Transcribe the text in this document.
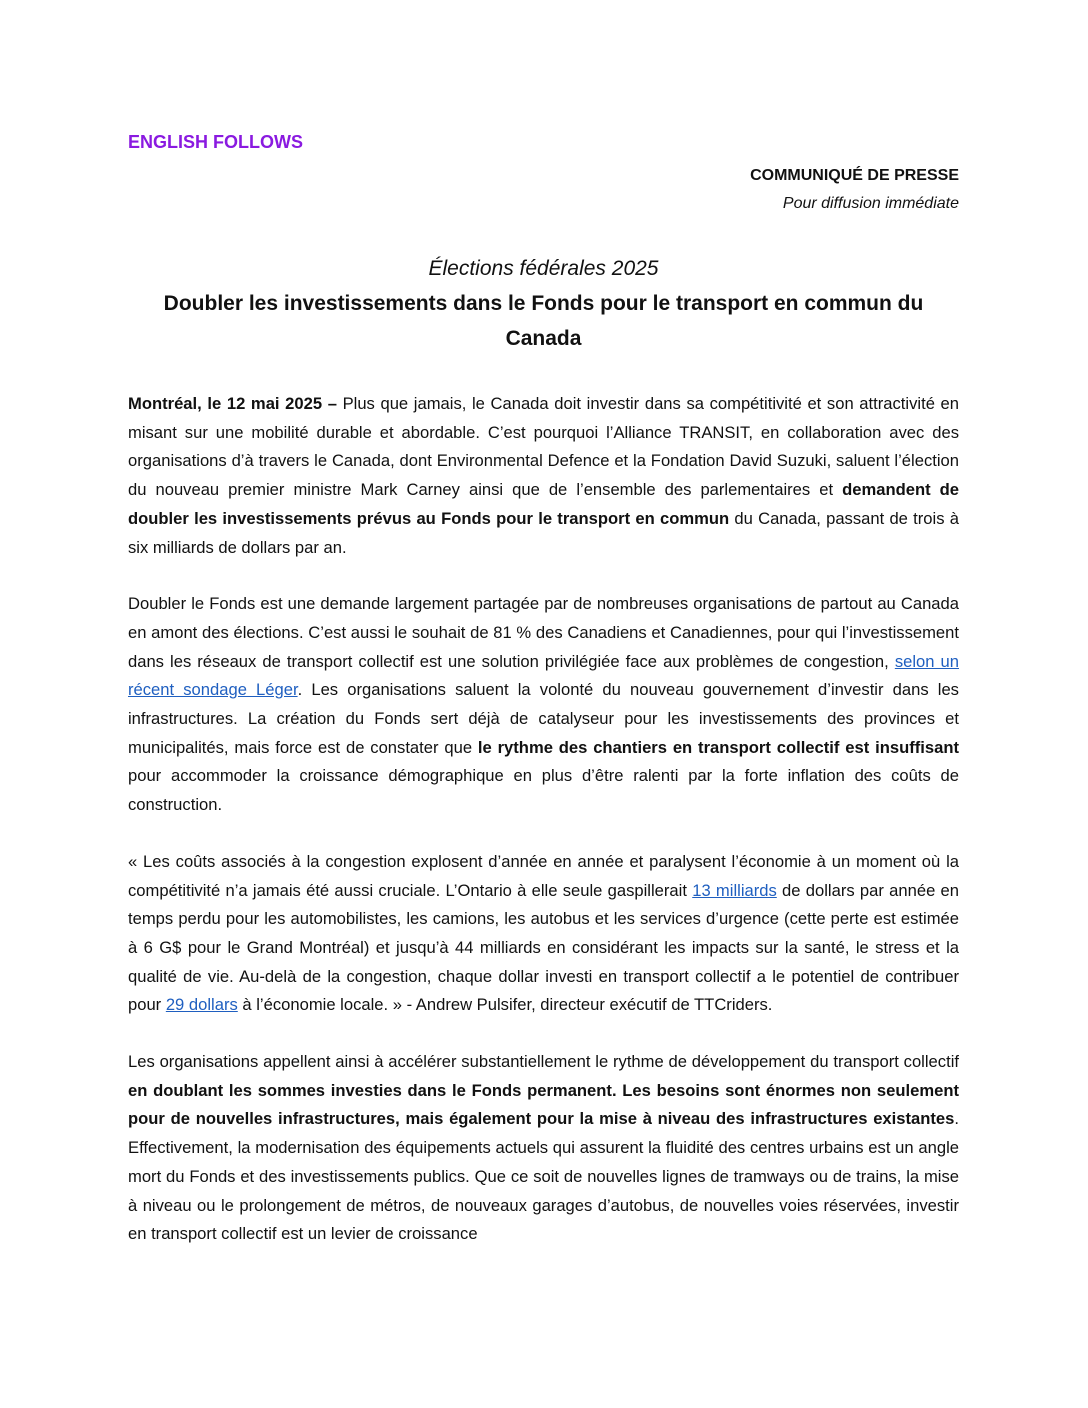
ENGLISH FOLLOWS

COMMUNIQUÉ DE PRESSE
Pour diffusion immédiate
Élections fédérales 2025
Doubler les investissements dans le Fonds pour le transport en commun du Canada

Montréal, le 12 mai 2025 – Plus que jamais, le Canada doit investir dans sa compétitivité et son attractivité en misant sur une mobilité durable et abordable. C’est pourquoi l’Alliance TRANSIT, en collaboration avec des organisations d’à travers le Canada, dont Environmental Defence et la Fondation David Suzuki, saluent l’élection du nouveau premier ministre Mark Carney ainsi que de l’ensemble des parlementaires et demandent de doubler les investissements prévus au Fonds pour le transport en commun du Canada, passant de trois à six milliards de dollars par an.

Doubler le Fonds est une demande largement partagée par de nombreuses organisations de partout au Canada en amont des élections. C’est aussi le souhait de 81 % des Canadiens et Canadiennes, pour qui l’investissement dans les réseaux de transport collectif est une solution privilégiée face aux problèmes de congestion, selon un récent sondage Léger. Les organisations saluent la volonté du nouveau gouvernement d’investir dans les infrastructures. La création du Fonds sert déjà de catalyseur pour les investissements des provinces et municipalités, mais force est de constater que le rythme des chantiers en transport collectif est insuffisant pour accommoder la croissance démographique en plus d’être ralenti par la forte inflation des coûts de construction.

« Les coûts associés à la congestion explosent d’année en année et paralysent l’économie à un moment où la compétitivité n’a jamais été aussi cruciale. L’Ontario à elle seule gaspillerait 13 milliards de dollars par année en temps perdu pour les automobilistes, les camions, les autobus et les services d’urgence (cette perte est estimée à 6 G$ pour le Grand Montréal) et jusqu’à 44 milliards en considérant les impacts sur la santé, le stress et la qualité de vie. Au-delà de la congestion, chaque dollar investi en transport collectif a le potentiel de contribuer pour 29 dollars à l’économie locale. » - Andrew Pulsifer, directeur exécutif de TTCriders.

Les organisations appellent ainsi à accélérer substantiellement le rythme de développement du transport collectif en doublant les sommes investies dans le Fonds permanent. Les besoins sont énormes non seulement pour de nouvelles infrastructures, mais également pour la mise à niveau des infrastructures existantes. Effectivement, la modernisation des équipements actuels qui assurent la fluidité des centres urbains est un angle mort du Fonds et des investissements publics. Que ce soit de nouvelles lignes de tramways ou de trains, la mise à niveau ou le prolongement de métros, de nouveaux garages d’autobus, de nouvelles voies réservées, investir en transport collectif est un levier de croissance
